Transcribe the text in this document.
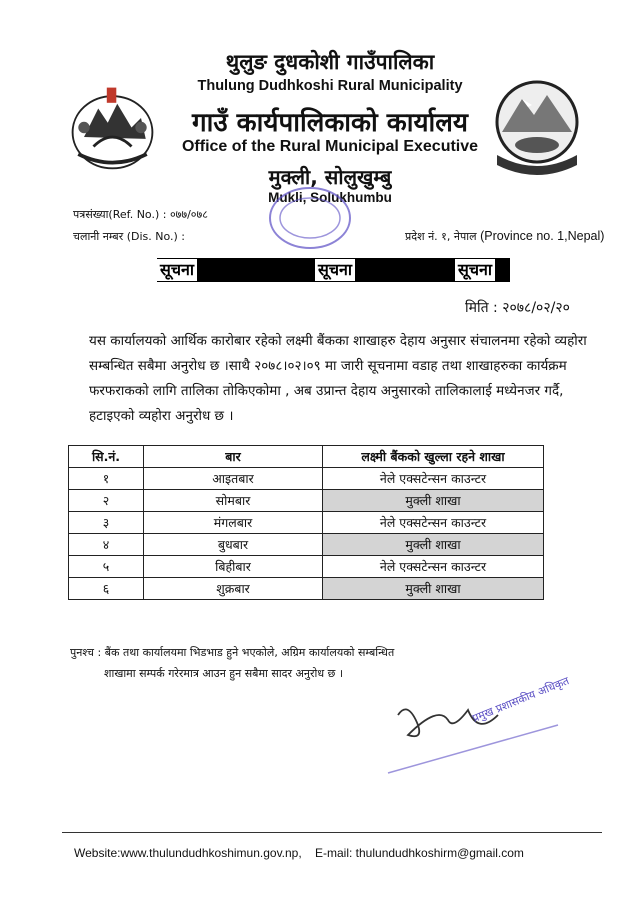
थुलुङ दुधकोशी गाउँपालिका
Thulung Dudhkoshi Rural Municipality
गाउँ कार्यपालिकाको कार्यालय
Office of the Rural Municipal Executive
मुक्ली, सोलुखुम्बु
Mukli, Solukhumbu
पत्रसंख्या(Ref. No.) : ०७७/०७८
चलानी नम्बर (Dis. No.) :	प्रदेश नं. १, नेपाल (Province no. 1,Nepal)
सूचना	सूचना	सूचना
मिति : २०७८/०२/२०
यस कार्यालयको आर्थिक कारोबार रहेको लक्ष्मी बैंकका शाखाहरु देहाय अनुसार संचालनमा रहेको व्यहोरा सम्बन्धित सबैमा अनुरोध छ ।साथै २०७८।०२।०९ मा जारी सूचनामा वडाह तथा शाखाहरुका कार्यक्रम फरफराकको लागि तालिका तोकिएकोमा , अब उप्रान्त देहाय अनुसारको तालिकालाई मध्येनजर गर्दै, हटाइएको व्यहोरा अनुरोध छ ।
सि.नं.	बार	लक्ष्मी बैंकको खुल्ला रहने शाखा
१	आइतबार	नेले एक्सटेन्सन काउन्टर
२	सोमबार	मुक्ली शाखा
३	मंगलबार	नेले एक्सटेन्सन काउन्टर
४	बुधबार	मुक्ली शाखा
५	बिहीबार	नेले एक्सटेन्सन काउन्टर
६	शुक्रबार	मुक्ली शाखा
पुनश्च : बैंक तथा कार्यालयमा भिडभाड हुने भएकोले, अग्रिम कार्यालयको सम्बन्धित
शाखामा सम्पर्क गरेरमात्र आउन हुन सबैमा सादर अनुरोध छ ।
प्रमुख प्रशासकीय अधिकृत
Website:www.thulundudhkoshimun.gov.np, E-mail: thulundudhkoshirm@gmail.com
